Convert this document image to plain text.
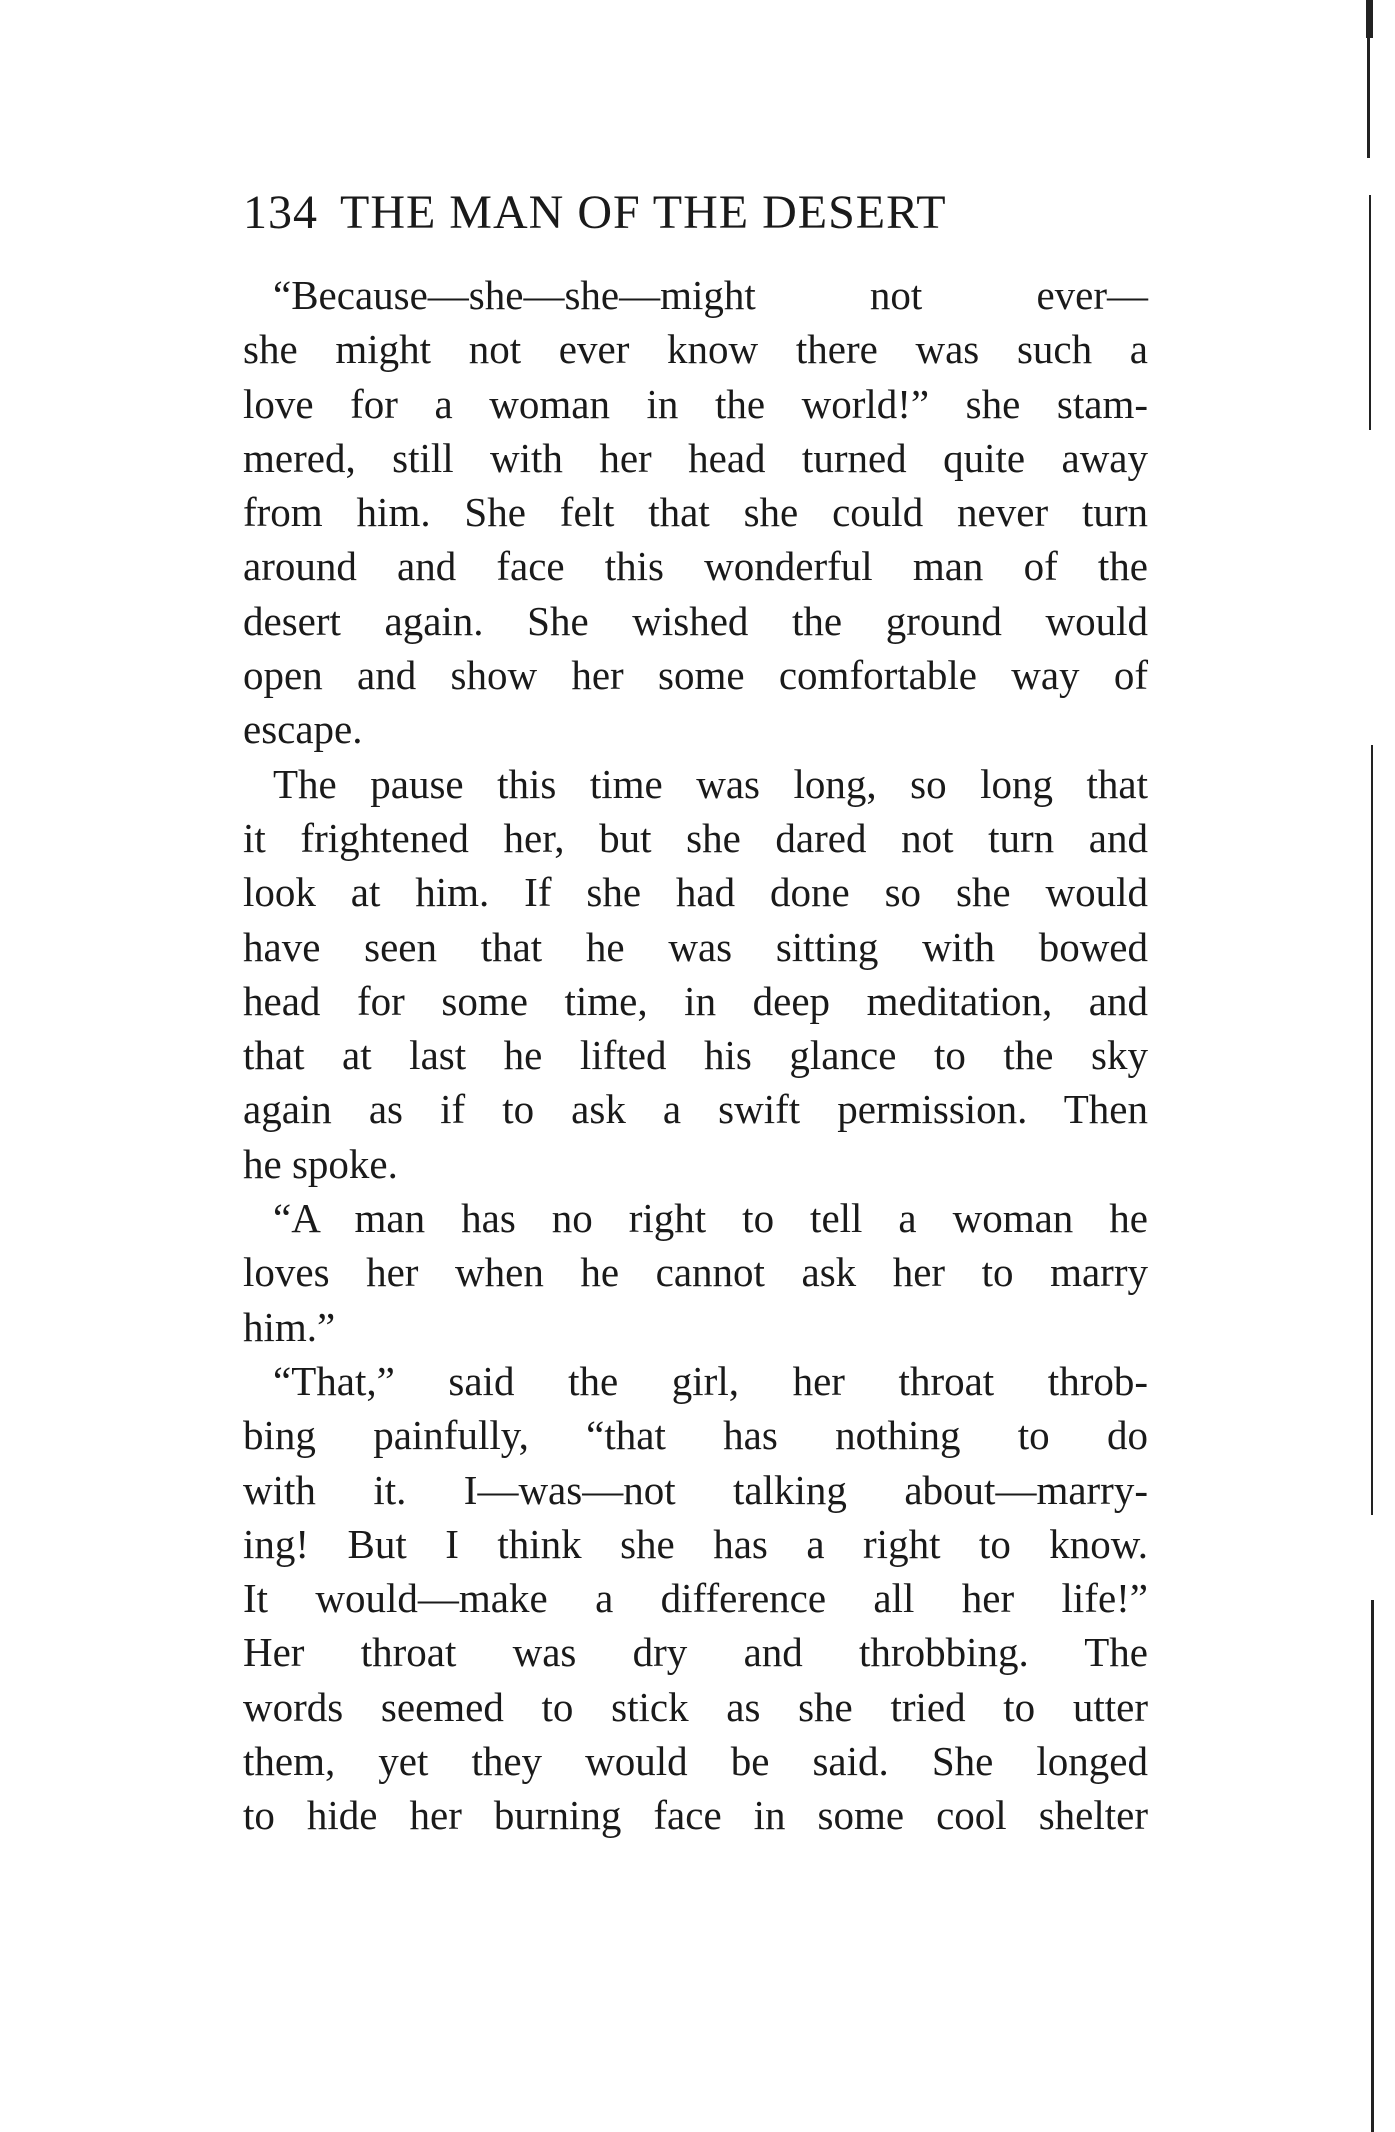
134 THE MAN OF THE DESERT
“Because—she—she—might not ever—
she might not ever know there was such a
love for a woman in the world!” she stam-
mered, still with her head turned quite away
from him. She felt that she could never turn
around and face this wonderful man of the
desert again. She wished the ground would
open and show her some comfortable way of
escape.
The pause this time was long, so long that
it frightened her, but she dared not turn and
look at him. If she had done so she would
have seen that he was sitting with bowed
head for some time, in deep meditation, and
that at last he lifted his glance to the sky
again as if to ask a swift permission. Then
he spoke.
“A man has no right to tell a woman he
loves her when he cannot ask her to marry
him.”
“That,” said the girl, her throat throb-
bing painfully, “that has nothing to do
with it. I—was—not talking about—marry-
ing! But I think she has a right to know.
It would—make a difference all her life!”
Her throat was dry and throbbing. The
words seemed to stick as she tried to utter
them, yet they would be said. She longed
to hide her burning face in some cool shelter
